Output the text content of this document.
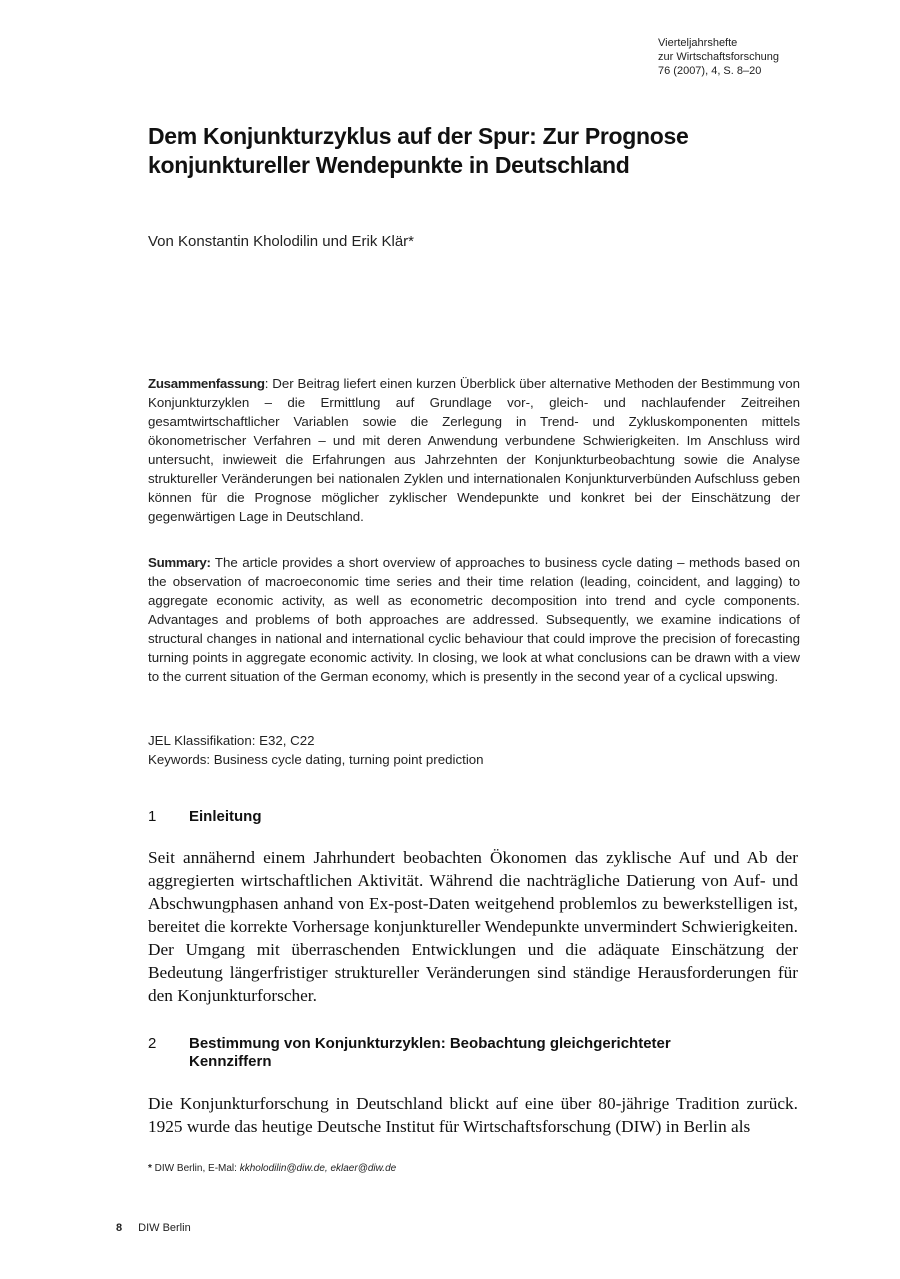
Vierteljahrshefte
zur Wirtschaftsforschung
76 (2007), 4, S. 8–20
Dem Konjunkturzyklus auf der Spur: Zur Prognose konjunktureller Wendepunkte in Deutschland
Von Konstantin Kholodilin und Erik Klär*

Zusammenfassung: Der Beitrag liefert einen kurzen Überblick über alternative Methoden der Bestimmung von Konjunkturzyklen – die Ermittlung auf Grundlage vor-, gleich- und nachlaufender Zeitreihen gesamtwirtschaftlicher Variablen sowie die Zerlegung in Trend- und Zykluskomponenten mittels ökonometrischer Verfahren – und mit deren Anwendung verbundene Schwierigkeiten. Im Anschluss wird untersucht, inwieweit die Erfahrungen aus Jahrzehnten der Konjunkturbeobachtung sowie die Analyse struktureller Veränderungen bei nationalen Zyklen und internationalen Konjunkturverbünden Aufschluss geben können für die Prognose möglicher zyklischer Wendepunkte und konkret bei der Einschätzung der gegenwärtigen Lage in Deutschland.

Summary: The article provides a short overview of approaches to business cycle dating – methods based on the observation of macroeconomic time series and their time relation (leading, coincident, and lagging) to aggregate economic activity, as well as econometric decomposition into trend and cycle components. Advantages and problems of both approaches are addressed. Subsequently, we examine indications of structural changes in national and international cyclic behaviour that could improve the precision of forecasting turning points in aggregate economic activity. In closing, we look at what conclusions can be drawn with a view to the current situation of the German economy, which is presently in the second year of a cyclical upswing.

JEL Klassifikation: E32, C22
Keywords: Business cycle dating, turning point prediction
1 Einleitung

Seit annähernd einem Jahrhundert beobachten Ökonomen das zyklische Auf und Ab der aggregierten wirtschaftlichen Aktivität. Während die nachträgliche Datierung von Auf- und Abschwungphasen anhand von Ex-post-Daten weitgehend problemlos zu bewerkstelligen ist, bereitet die korrekte Vorhersage konjunktureller Wendepunkte unvermindert Schwierigkeiten. Der Umgang mit überraschenden Entwicklungen und die adäquate Einschätzung der Bedeutung längerfristiger struktureller Veränderungen sind ständige Herausforderungen für den Konjunkturforscher.

2 Bestimmung von Konjunkturzyklen: Beobachtung gleichgerichteter Kennziffern

Die Konjunkturforschung in Deutschland blickt auf eine über 80-jährige Tradition zurück. 1925 wurde das heutige Deutsche Institut für Wirtschaftsforschung (DIW) in Berlin als

* DIW Berlin, E-Mal: kkholodilin@diw.de, eklaer@diw.de
8 DIW Berlin
